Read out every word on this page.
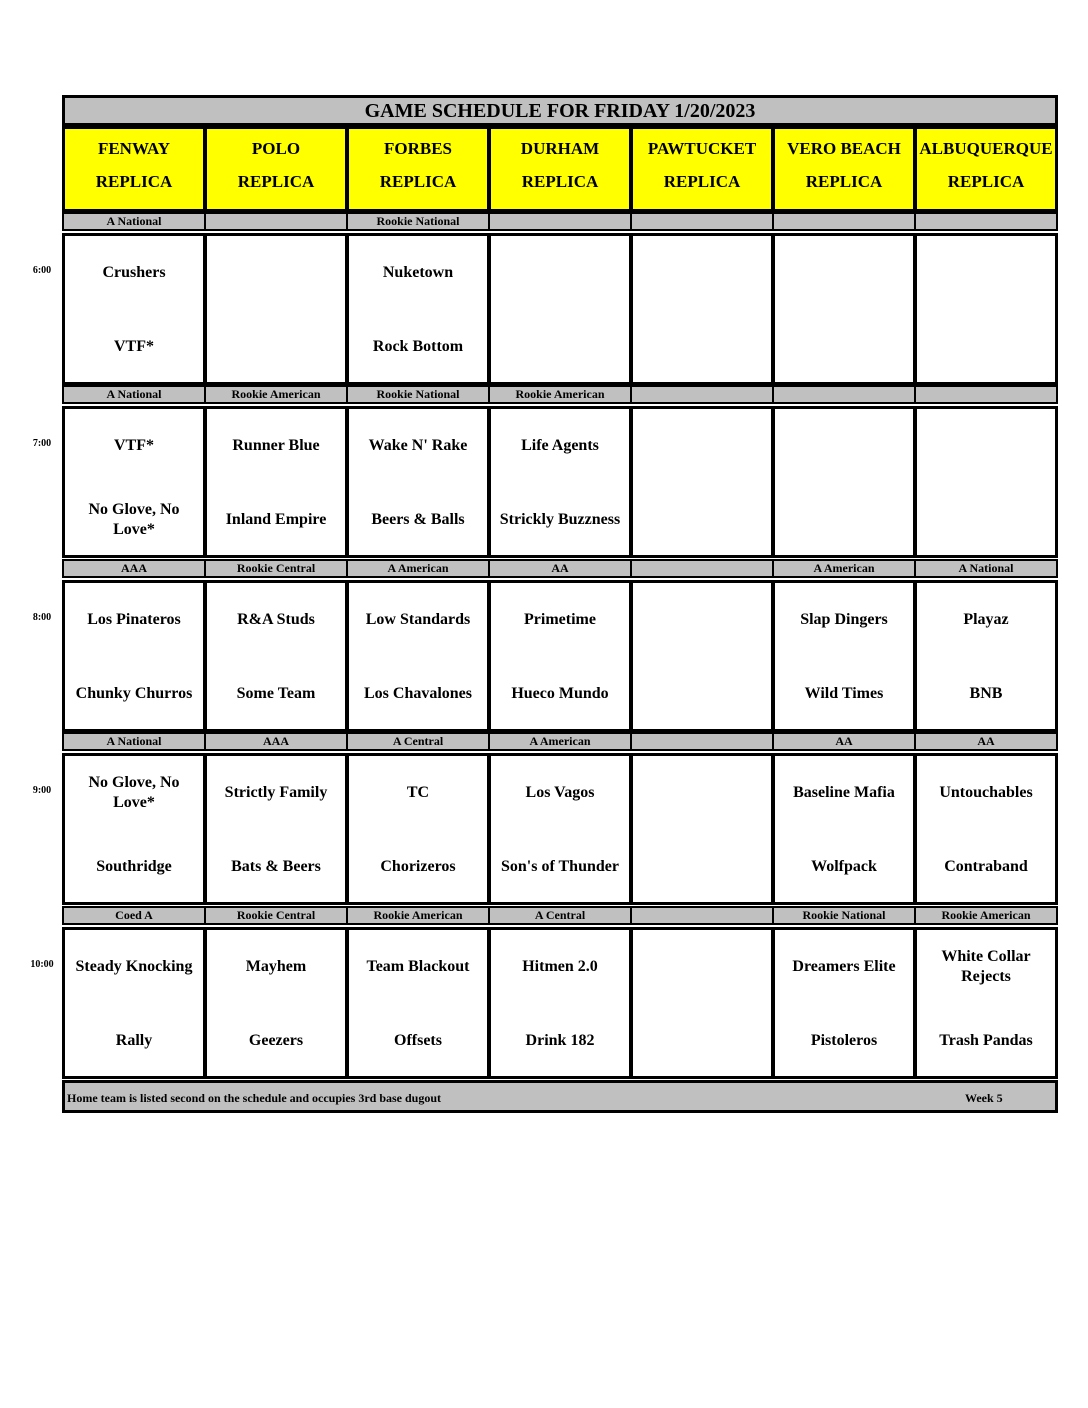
GAME SCHEDULE FOR FRIDAY 1/20/2023
FENWAY
REPLICA
POLO
REPLICA
FORBES
REPLICA
DURHAM
REPLICA
PAWTUCKET
REPLICA
VERO BEACH
REPLICA
ALBUQUERQUE
REPLICA
A National
Crushers
VTF*
Rookie National
Nuketown
Rock Bottom
A National
VTF*
No Glove, No Love*
Rookie American
Runner Blue
Inland Empire
Rookie National
Wake N' Rake
Beers & Balls
Rookie American
Life Agents
Strickly Buzzness
AAA
Los Pinateros
Chunky Churros
Rookie Central
R&A Studs
Some Team
A American
Low Standards
Los Chavalones
AA
Primetime
Hueco Mundo
A American
Slap Dingers
Wild Times
A National
Playaz
BNB
A National
No Glove, No Love*
Southridge
AAA
Strictly Family
Bats & Beers
A Central
TC
Chorizeros
A American
Los Vagos
Son's of Thunder
AA
Baseline Mafia
Wolfpack
AA
Untouchables
Contraband
Coed A
Steady Knocking
Rally
Rookie Central
Mayhem
Geezers
Rookie American
Team Blackout
Offsets
A Central
Hitmen 2.0
Drink 182
Rookie National
Dreamers Elite
Pistoleros
Rookie American
White Collar Rejects
Trash Pandas
Home team is listed second on the schedule and occupies 3rd base dugout	Week 5
6:00
7:00
8:00
9:00
10:00
